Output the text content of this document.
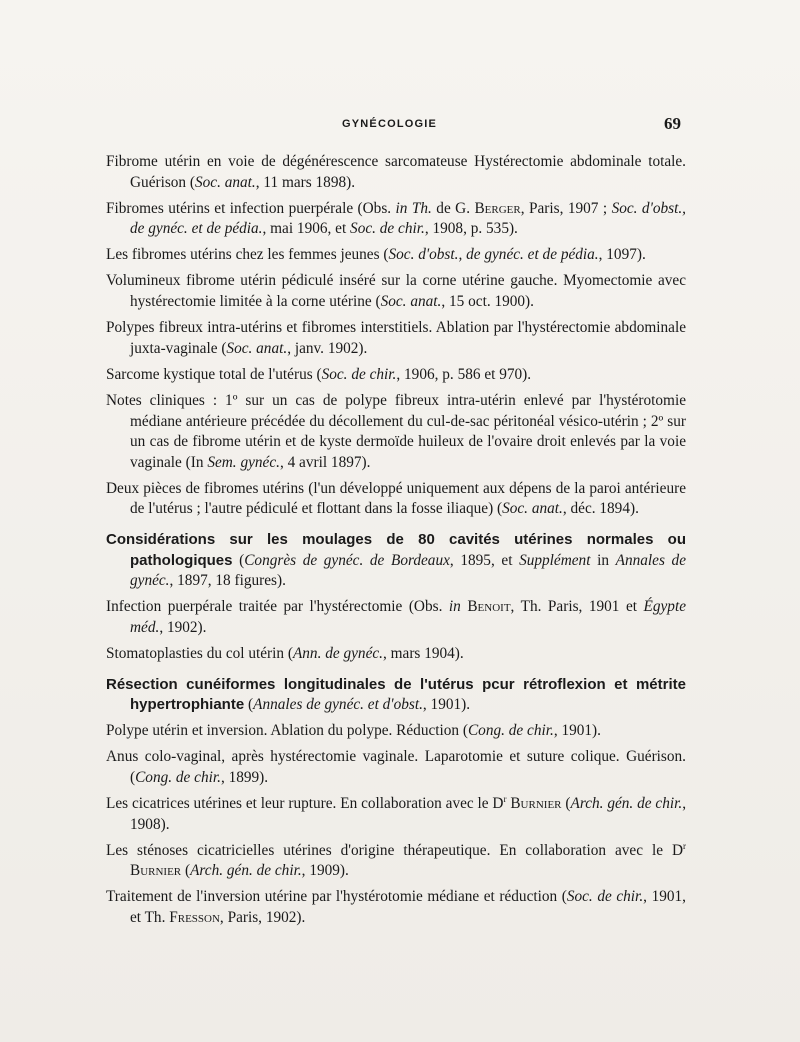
GYNÉCOLOGIE	69

Fibrome utérin en voie de dégénérescence sarcomateuse Hystérectomie abdominale totale. Guérison (Soc. anat., 11 mars 1898).

Fibromes utérins et infection puerpérale (Obs. in Th. de G. Berger, Paris, 1907 ; Soc. d'obst., de gynéc. et de pédia., mai 1906, et Soc. de chir., 1908, p. 535).

Les fibromes utérins chez les femmes jeunes (Soc. d'obst., de gynéc. et de pédia., 1097).

Volumineux fibrome utérin pédiculé inséré sur la corne utérine gauche. Myomectomie avec hystérectomie limitée à la corne utérine (Soc. anat., 15 oct. 1900).

Polypes fibreux intra-utérins et fibromes interstitiels. Ablation par l'hystérectomie abdominale juxta-vaginale (Soc. anat., janv. 1902).

Sarcome kystique total de l'utérus (Soc. de chir., 1906, p. 586 et 970).

Notes cliniques : 1º sur un cas de polype fibreux intra-utérin enlevé par l'hystérotomie médiane antérieure précédée du décollement du cul-de-sac péritonéal vésico-utérin ; 2º sur un cas de fibrome utérin et de kyste dermoïde huileux de l'ovaire droit enlevés par la voie vaginale (In Sem. gynéc., 4 avril 1897).

Deux pièces de fibromes utérins (l'un développé uniquement aux dépens de la paroi antérieure de l'utérus ; l'autre pédiculé et flottant dans la fosse iliaque) (Soc. anat., déc. 1894).

Considérations sur les moulages de 80 cavités utérines normales ou pathologiques (Congrès de gynéc. de Bordeaux, 1895, et Supplément in Annales de gynéc., 1897, 18 figures).

Infection puerpérale traitée par l'hystérectomie (Obs. in Benoit, Th. Paris, 1901 et Égypte méd., 1902).

Stomatoplasties du col utérin (Ann. de gynéc., mars 1904).

Résection cunéiformes longitudinales de l'utérus pcur rétroflexion et métrite hypertrophiante (Annales de gynéc. et d'obst., 1901).

Polype utérin et inversion. Ablation du polype. Réduction (Cong. de chir., 1901).

Anus colo-vaginal, après hystérectomie vaginale. Laparotomie et suture colique. Guérison. (Cong. de chir., 1899).

Les cicatrices utérines et leur rupture. En collaboration avec le $D^r$ Burnier (Arch. gén. de chir., 1908).

Les sténoses cicatricielles utérines d'origine thérapeutique. En collaboration avec le $D^r$ Burnier (Arch. gén. de chir., 1909).

Traitement de l'inversion utérine par l'hystérotomie médiane et réduction (Soc. de chir., 1901, et Th. Fresson, Paris, 1902).
